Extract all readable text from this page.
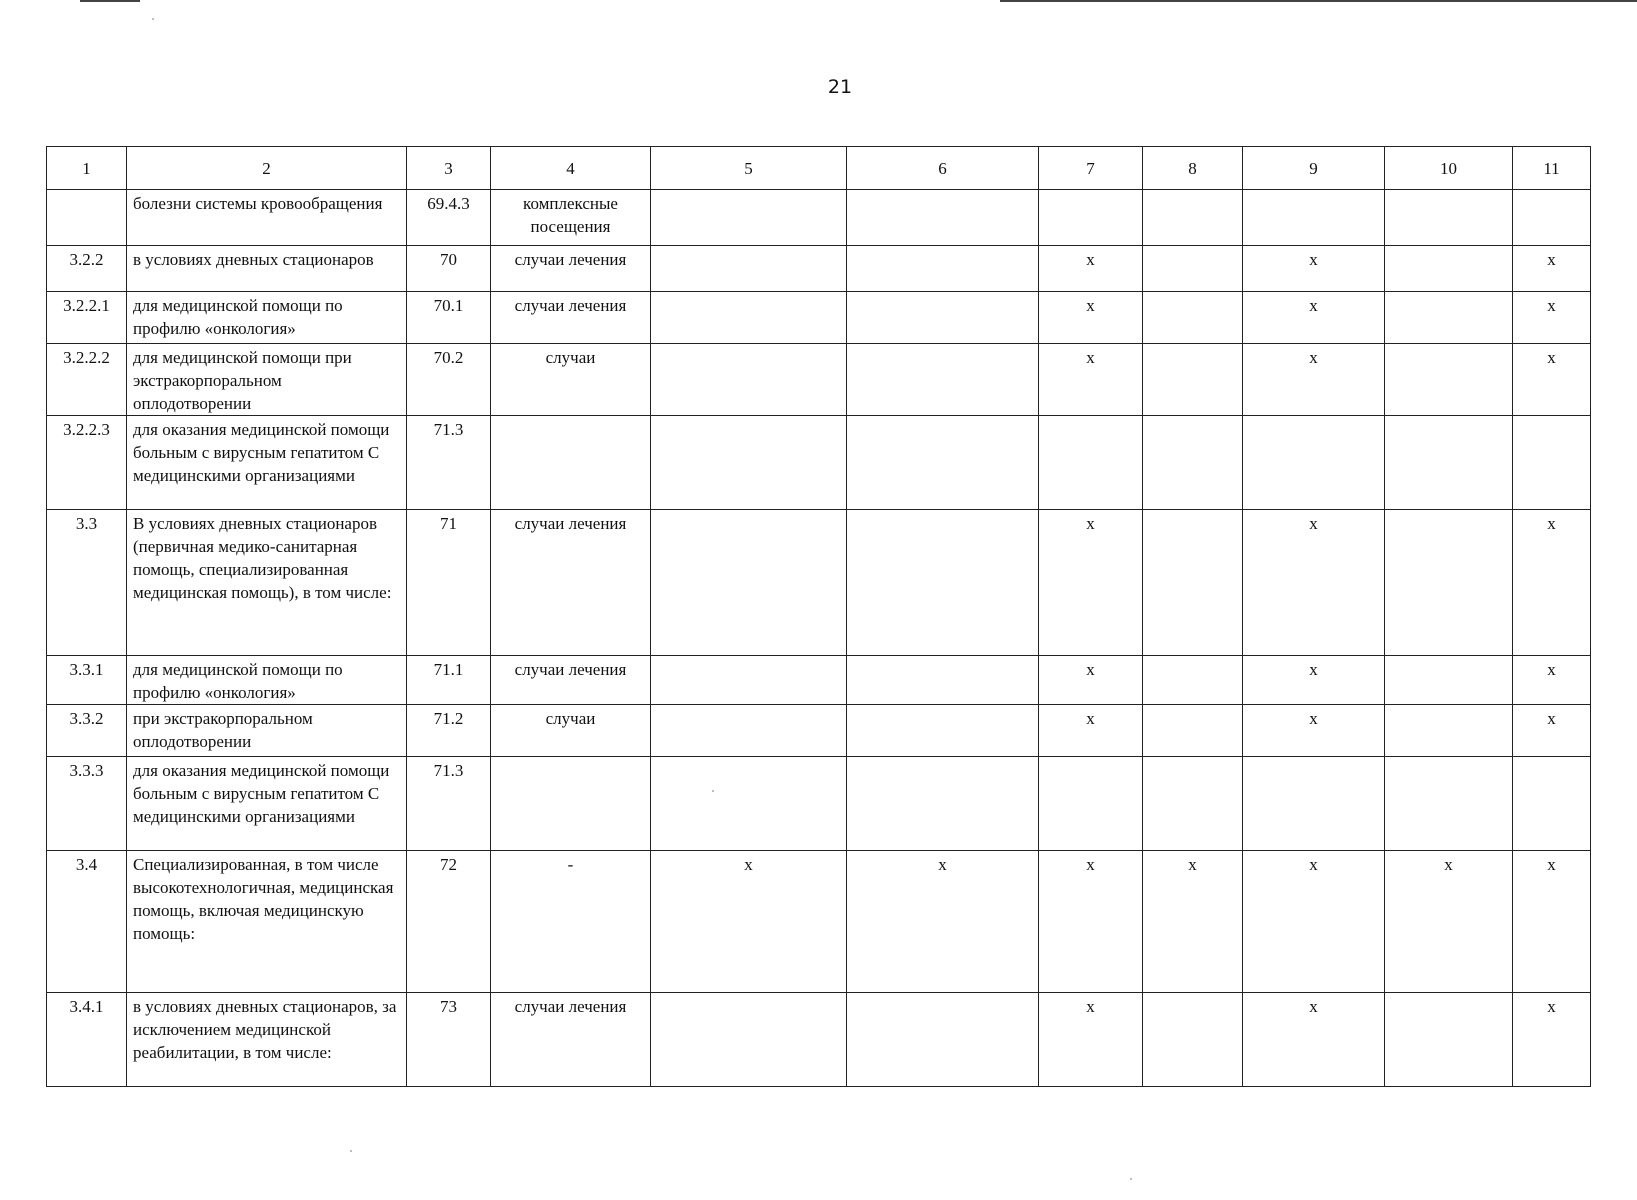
21
1	2	3	4	5	6	7	8	9	10	11
	болезни системы кровообращения	69.4.3	комплексные посещения							
3.2.2	в условиях дневных стационаров	70	случаи лечения			х		х		х
3.2.2.1	для медицинской помощи по профилю «онкология»	70.1	случаи лечения			х		х		х
3.2.2.2	для медицинской помощи при экстракорпоральном оплодотворении	70.2	случаи			х		х		х
3.2.2.3	для оказания медицинской помощи больным с вирусным гепатитом С медицинскими организациями	71.3								
3.3	В условиях дневных стационаров (первичная медико-санитарная помощь, специализированная медицинская помощь), в том числе:	71	случаи лечения			х		х		х
3.3.1	для медицинской помощи по профилю «онкология»	71.1	случаи лечения			х		х		х
3.3.2	при экстракорпоральном оплодотворении	71.2	случаи			х		х		х
3.3.3	для оказания медицинской помощи больным с вирусным гепатитом С медицинскими организациями	71.3								
3.4	Специализированная, в том числе высокотехнологичная, медицинская помощь, включая медицинскую помощь:	72	-	х	х	х	х	х	х	х
3.4.1	в условиях дневных стационаров, за исключением медицинской реабилитации, в том числе:	73	случаи лечения			х		х		х
